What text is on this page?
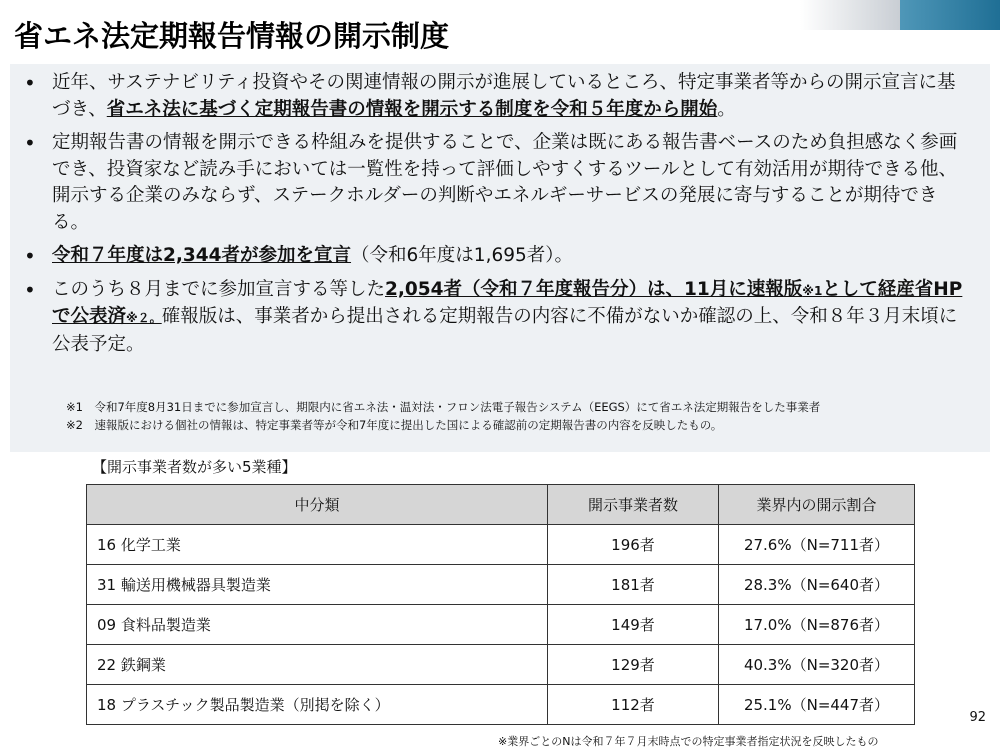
省エネ法定期報告情報の開示制度
• 近年、サステナビリティ投資やその関連情報の開示が進展しているところ、特定事業者等からの開示宣言に基づき、省エネ法に基づく定期報告書の情報を開示する制度を令和５年度から開始。
• 定期報告書の情報を開示できる枠組みを提供することで、企業は既にある報告書ベースのため負担感なく参画でき、投資家など読み手においては一覧性を持って評価しやすくするツールとして有効活用が期待できる他、開示する企業のみならず、ステークホルダーの判断やエネルギーサービスの発展に寄与することが期待できる。
• 令和７年度は2,344者が参加を宣言（令和6年度は1,695者）。
• このうち８月までに参加宣言する等した2,054者（令和７年度報告分）は、11月に速報版※1として経産省HPで公表済※２。確報版は、事業者から提出される定期報告の内容に不備がないか確認の上、令和８年３月末頃に公表予定。
※1　令和7年度8月31日までに参加宣言し、期限内に省エネ法・温対法・フロン法電子報告システム（EEGS）にて省エネ法定期報告をした事業者
※2　速報版における個社の情報は、特定事業者等が令和7年度に提出した国による確認前の定期報告書の内容を反映したもの。
【開示事業者数が多い5業種】
中分類	開示事業者数	業界内の開示割合
16 化学工業	196者	27.6%（N=711者）
31 輸送用機械器具製造業	181者	28.3%（N=640者）
09 食料品製造業	149者	17.0%（N=876者）
22 鉄鋼業	129者	40.3%（N=320者）
18 プラスチック製品製造業（別掲を除く）	112者	25.1%（N=447者）
92
※業界ごとのNは令和７年７月末時点での特定事業者指定状況を反映したもの
